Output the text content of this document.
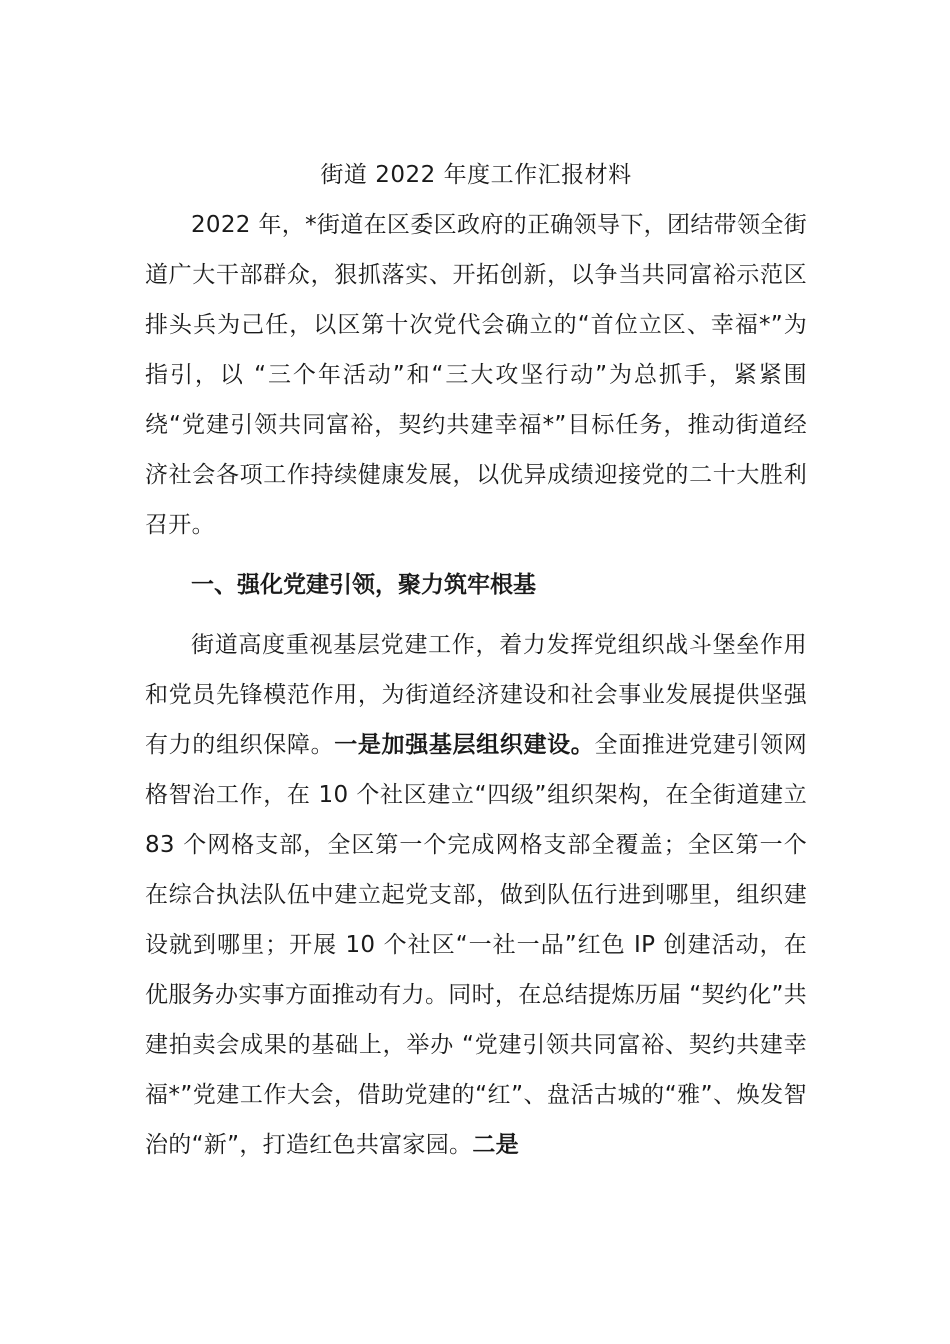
街道 2022 年度工作汇报材料

2022 年，*街道在区委区政府的正确领导下，团结带领全街道广大干部群众，狠抓落实、开拓创新，以争当共同富裕示范区排头兵为己任，以区第十次党代会确立的“首位立区、幸福*”为指引，以 “三个年活动”和“三大攻坚行动”为总抓手，紧紧围绕“党建引领共同富裕，契约共建幸福*”目标任务，推动街道经济社会各项工作持续健康发展，以优异成绩迎接党的二十大胜利召开。

一、强化党建引领，聚力筑牢根基

街道高度重视基层党建工作，着力发挥党组织战斗堡垒作用和党员先锋模范作用，为街道经济建设和社会事业发展提供坚强有力的组织保障。一是加强基层组织建设。全面推进党建引领网格智治工作，在 10 个社区建立“四级”组织架构，在全街道建立 83 个网格支部，全区第一个完成网格支部全覆盖；全区第一个在综合执法队伍中建立起党支部，做到队伍行进到哪里，组织建设就到哪里；开展 10 个社区“一社一品”红色 IP 创建活动，在优服务办实事方面推动有力。同时，在总结提炼历届 “契约化”共建拍卖会成果的基础上，举办 “党建引领共同富裕、契约共建幸福*”党建工作大会，借助党建的“红”、盘活古城的“雅”、焕发智治的“新”，打造红色共富家园。二是
